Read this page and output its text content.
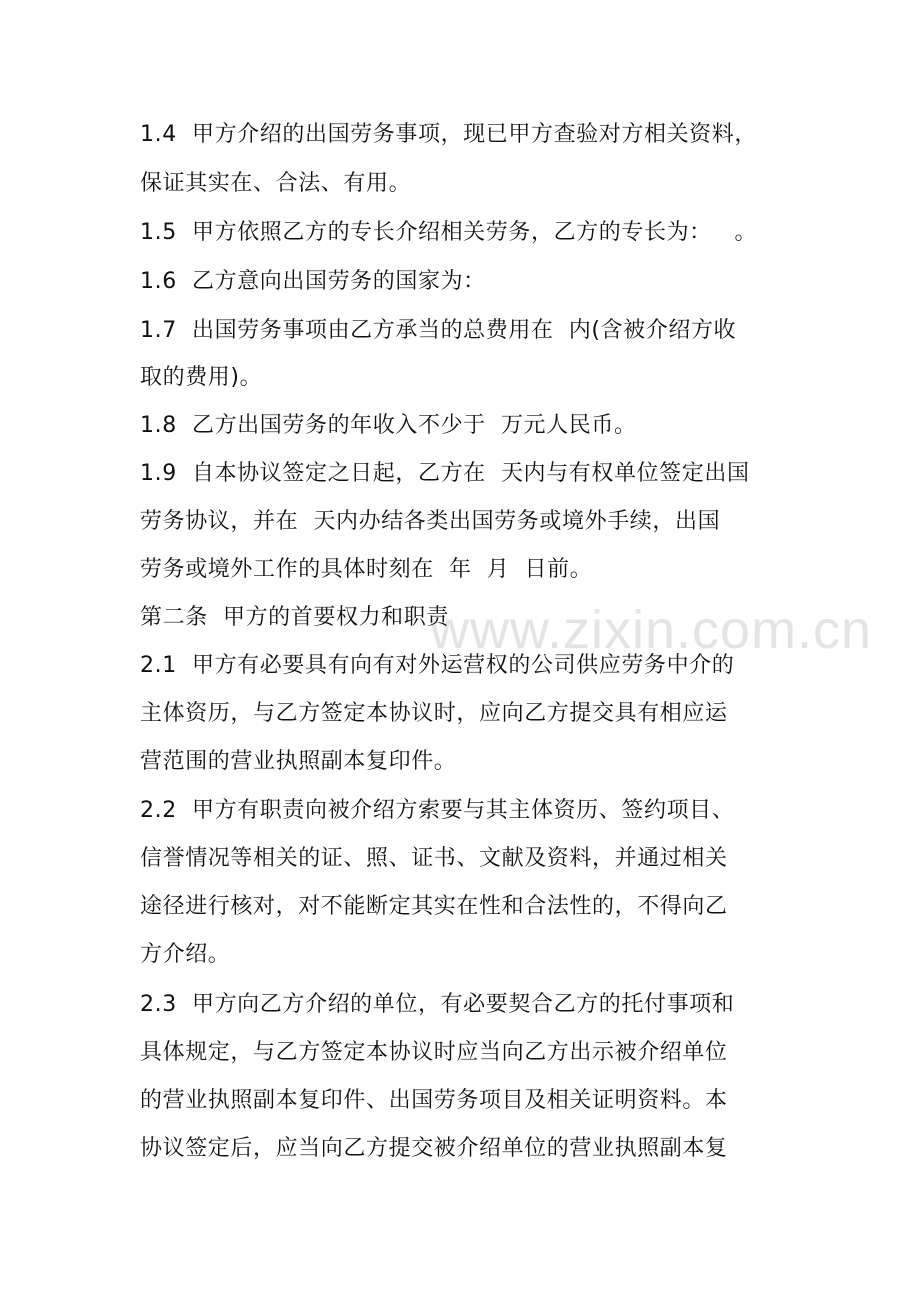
www.zixin.com.cn
1.4  甲方介绍的出国劳务事项，现已甲方查验对方相关资料，
保证其实在、合法、有用。
1.5  甲方依照乙方的专长介绍相关劳务，乙方的专长为：   。
1.6  乙方意向出国劳务的国家为：
1.7  出国劳务事项由乙方承当的总费用在  内(含被介绍方收
取的费用)。
1.8  乙方出国劳务的年收入不少于  万元人民币。
1.9  自本协议签定之日起，乙方在  天内与有权单位签定出国
劳务协议，并在  天内办结各类出国劳务或境外手续，出国
劳务或境外工作的具体时刻在  年  月  日前。
第二条  甲方的首要权力和职责
2.1  甲方有必要具有向有对外运营权的公司供应劳务中介的
主体资历，与乙方签定本协议时，应向乙方提交具有相应运
营范围的营业执照副本复印件。
2.2  甲方有职责向被介绍方索要与其主体资历、签约项目、
信誉情况等相关的证、照、证书、文献及资料，并通过相关
途径进行核对，对不能断定其实在性和合法性的，不得向乙
方介绍。
2.3  甲方向乙方介绍的单位，有必要契合乙方的托付事项和
具体规定，与乙方签定本协议时应当向乙方出示被介绍单位
的营业执照副本复印件、出国劳务项目及相关证明资料。本
协议签定后，应当向乙方提交被介绍单位的营业执照副本复
